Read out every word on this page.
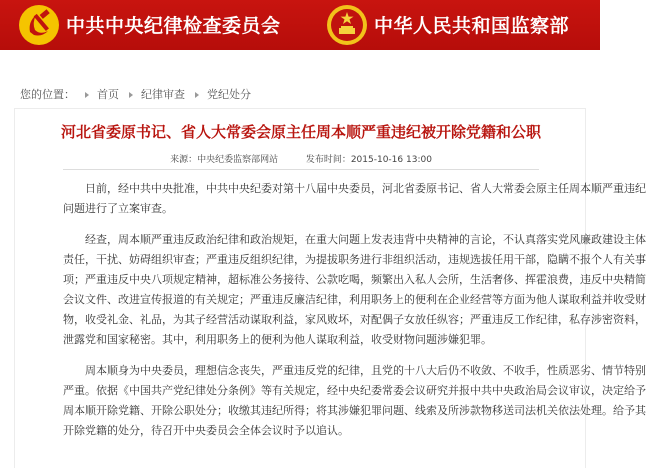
中共中央纪律检查委员会	中华人民共和国监察部
您的位置： 首页 纪律审查 党纪处分
河北省委原书记、省人大常委会原主任周本顺严重违纪被开除党籍和公职
来源：中央纪委监察部网站	发布时间：2015-10-16 13:00
日前，经中共中央批准，中共中央纪委对第十八届中央委员，河北省委原书记、省人大常委会原主任周本顺严重违纪
问题进行了立案审查。
经查，周本顺严重违反政治纪律和政治规矩，在重大问题上发表违背中央精神的言论，不认真落实党风廉政建设主体
责任，干扰、妨碍组织审查；严重违反组织纪律，为提拔职务进行非组织活动，违规选拔任用干部，隐瞒不报个人有关事
项；严重违反中央八项规定精神，超标准公务接待、公款吃喝，频繁出入私人会所，生活奢侈、挥霍浪费，违反中央精简
会议文件、改进宣传报道的有关规定；严重违反廉洁纪律，利用职务上的便利在企业经营等方面为他人谋取利益并收受财
物，收受礼金、礼品，为其子经营活动谋取利益，家风败坏，对配偶子女放任纵容；严重违反工作纪律，私存涉密资料，
泄露党和国家秘密。其中，利用职务上的便利为他人谋取利益，收受财物问题涉嫌犯罪。
周本顺身为中央委员，理想信念丧失，严重违反党的纪律，且党的十八大后仍不收敛、不收手，性质恶劣、情节特别
严重。依据《中国共产党纪律处分条例》等有关规定，经中央纪委常委会议研究并报中共中央政治局会议审议，决定给予
周本顺开除党籍、开除公职处分；收缴其违纪所得；将其涉嫌犯罪问题、线索及所涉款物移送司法机关依法处理。给予其
开除党籍的处分，待召开中央委员会全体会议时予以追认。
